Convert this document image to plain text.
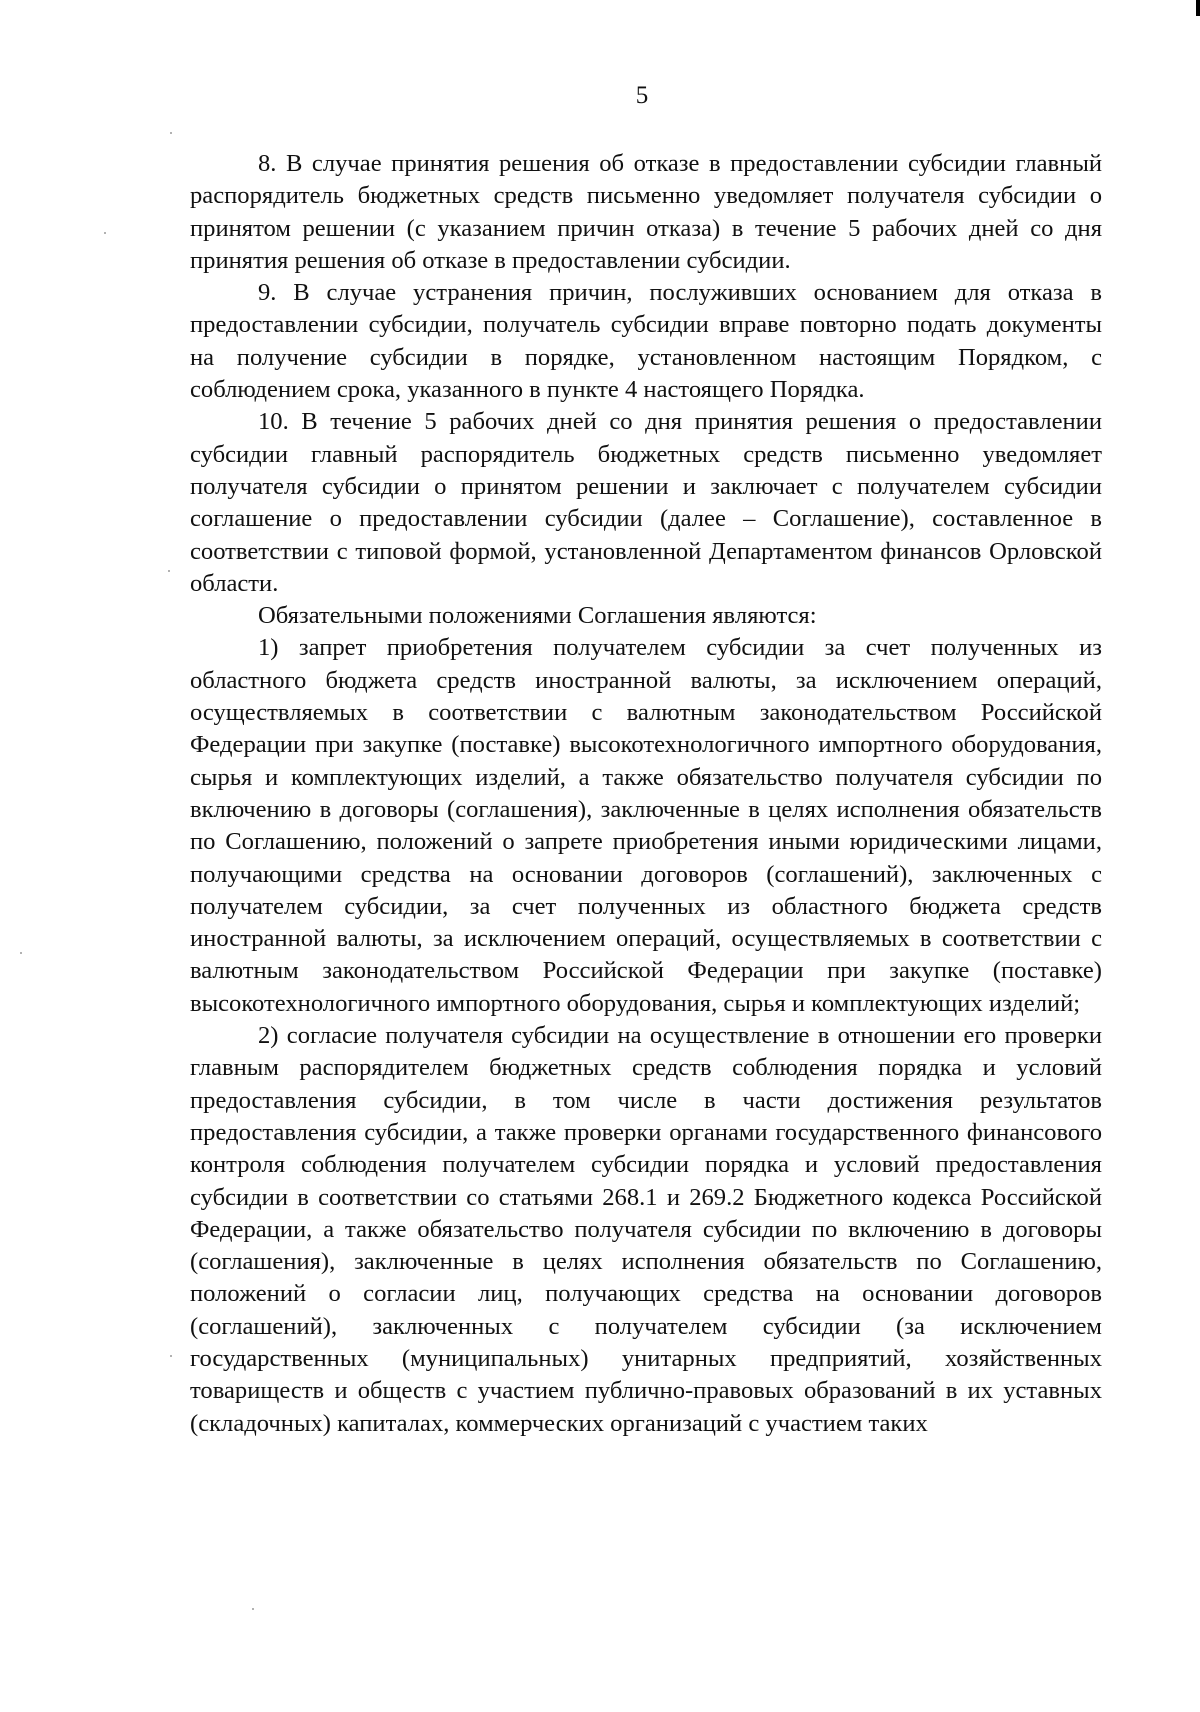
5

8. В случае принятия решения об отказе в предоставлении субсидии главный распорядитель бюджетных средств письменно уведомляет получателя субсидии о принятом решении (с указанием причин отказа) в течение 5 рабочих дней со дня принятия решения об отказе в предоставлении субсидии.

9. В случае устранения причин, послуживших основанием для отказа в предоставлении субсидии, получатель субсидии вправе повторно подать документы на получение субсидии в порядке, установленном настоящим Порядком, с соблюдением срока, указанного в пункте 4 настоящего Порядка.

10. В течение 5 рабочих дней со дня принятия решения о предоставлении субсидии главный распорядитель бюджетных средств письменно уведомляет получателя субсидии о принятом решении и заключает с получателем субсидии соглашение о предоставлении субсидии (далее – Соглашение), составленное в соответствии с типовой формой, установленной Департаментом финансов Орловской области.

Обязательными положениями Соглашения являются:

1) запрет приобретения получателем субсидии за счет полученных из областного бюджета средств иностранной валюты, за исключением операций, осуществляемых в соответствии с валютным законодательством Российской Федерации при закупке (поставке) высокотехнологичного импортного оборудования, сырья и комплектующих изделий, а также обязательство получателя субсидии по включению в договоры (соглашения), заключенные в целях исполнения обязательств по Соглашению, положений о запрете приобретения иными юридическими лицами, получающими средства на основании договоров (соглашений), заключенных с получателем субсидии, за счет полученных из областного бюджета средств иностранной валюты, за исключением операций, осуществляемых в соответствии с валютным законодательством Российской Федерации при закупке (поставке) высокотехнологичного импортного оборудования, сырья и комплектующих изделий;

2) согласие получателя субсидии на осуществление в отношении его проверки главным распорядителем бюджетных средств соблюдения порядка и условий предоставления субсидии, в том числе в части достижения результатов предоставления субсидии, а также проверки органами государственного финансового контроля соблюдения получателем субсидии порядка и условий предоставления субсидии в соответствии со статьями 268.1 и 269.2 Бюджетного кодекса Российской Федерации, а также обязательство получателя субсидии по включению в договоры (соглашения), заключенные в целях исполнения обязательств по Соглашению, положений о согласии лиц, получающих средства на основании договоров (соглашений), заключенных с получателем субсидии (за исключением государственных (муниципальных) унитарных предприятий, хозяйственных товариществ и обществ с участием публично-правовых образований в их уставных (складочных) капиталах, коммерческих организаций с участием таких
